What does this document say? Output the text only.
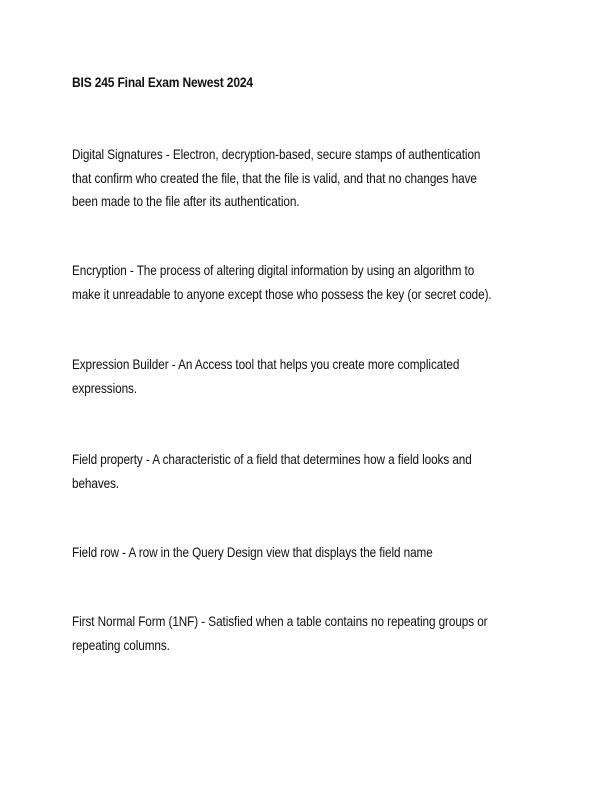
BIS 245 Final Exam Newest 2024
Digital Signatures - Electron, decryption-based, secure stamps of authentication
that confirm who created the file, that the file is valid, and that no changes have
been made to the file after its authentication.
Encryption - The process of altering digital information by using an algorithm to
make it unreadable to anyone except those who possess the key (or secret code).
Expression Builder - An Access tool that helps you create more complicated
expressions.
Field property - A characteristic of a field that determines how a field looks and
behaves.
Field row - A row in the Query Design view that displays the field name
First Normal Form (1NF) - Satisfied when a table contains no repeating groups or
repeating columns.
